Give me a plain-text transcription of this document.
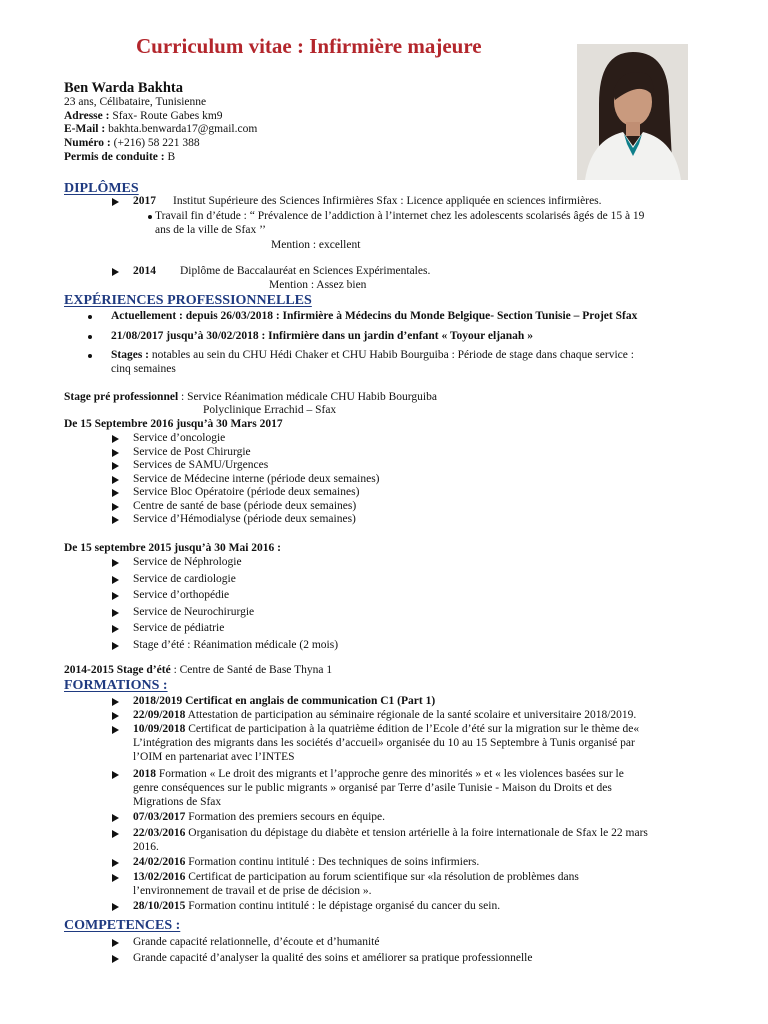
Curriculum vitae : Infirmière majeure
Ben Warda Bakhta
23 ans, Célibataire, Tunisienne
Adresse : Sfax- Route Gabes km9
E-Mail : bakhta.benwarda17@gmail.com
Numéro : (+216) 58 221 388
Permis de conduite : B
DIPLÔMES
2017 Institut Supérieure des Sciences Infirmières Sfax : Licence appliquée en sciences infirmières.
Travail fin d’étude : “ Prévalence de l’addiction à l’internet chez les adolescents scolarisés âgés de 15 à 19
ans de la ville de Sfax ’’
Mention : excellent
2014 Diplôme de Baccalauréat en Sciences Expérimentales.
Mention : Assez bien
EXPÉRIENCES PROFESSIONNELLES
Actuellement : depuis 26/03/2018 : Infirmière à Médecins du Monde Belgique- Section Tunisie – Projet Sfax
21/08/2017 jusqu’à 30/02/2018 : Infirmière dans un jardin d’enfant « Toyour eljanah »
Stages : notables au sein du CHU Hédi Chaker et CHU Habib Bourguiba : Période de stage dans chaque service :
cinq semaines
Stage pré professionnel : Service Réanimation médicale CHU Habib Bourguiba
Polyclinique Errachid – Sfax
De 15 Septembre 2016 jusqu’à 30 Mars 2017
Service d’oncologie
Service de Post Chirurgie
Services de SAMU/Urgences
Service de Médecine interne (période deux semaines)
Service Bloc Opératoire (période deux semaines)
Centre de santé de base (période deux semaines)
Service d’Hémodialyse (période deux semaines)
De 15 septembre 2015 jusqu’à 30 Mai 2016 :
Service de Néphrologie
Service de cardiologie
Service d’orthopédie
Service de Neurochirurgie
Service de pédiatrie
Stage d’été : Réanimation médicale (2 mois)
2014-2015 Stage d’été : Centre de Santé de Base Thyna 1
FORMATIONS :
2018/2019 Certificat en anglais de communication C1 (Part 1)
22/09/2018 Attestation de participation au séminaire régionale de la santé scolaire et universitaire 2018/2019.
10/09/2018 Certificat de participation à la quatrième édition de l’Ecole d’été sur la migration sur le thème de«
L’intégration des migrants dans les sociétés d’accueil» organisée du 10 au 15 Septembre à Tunis organisé par
l’OIM en partenariat avec l’INTES
2018 Formation « Le droit des migrants et l’approche genre des minorités » et « les violences basées sur le
genre conséquences sur le public migrants » organisé par Terre d’asile Tunisie - Maison du Droits et des
Migrations de Sfax
07/03/2017 Formation des premiers secours en équipe.
22/03/2016 Organisation du dépistage du diabète et tension artérielle à la foire internationale de Sfax le 22 mars
2016.
24/02/2016 Formation continu intitulé : Des techniques de soins infirmiers.
13/02/2016 Certificat de participation au forum scientifique sur «la résolution de problèmes dans
l’environnement de travail et de prise de décision ».
28/10/2015 Formation continu intitulé : le dépistage organisé du cancer du sein.
COMPETENCES :
Grande capacité relationnelle, d’écoute et d’humanité
Grande capacité d’analyser la qualité des soins et améliorer sa pratique professionnelle
